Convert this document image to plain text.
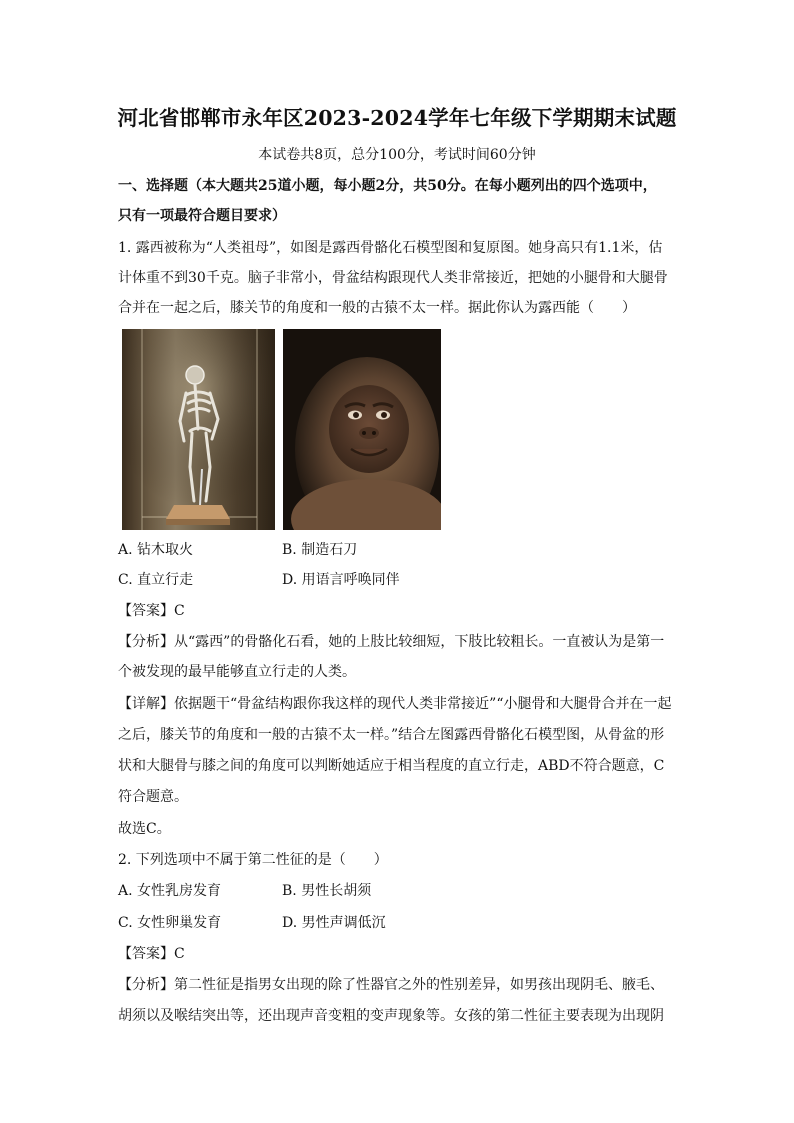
河北省邯郸市永年区2023-2024学年七年级下学期期末试题
本试卷共8页，总分100分，考试时间60分钟
一、选择题（本大题共25道小题，每小题2分，共50分。在每小题列出的四个选项中，
只有一项最符合题目要求）
1. 露西被称为“人类祖母”，如图是露西骨骼化石模型图和复原图。她身高只有1.1米，估
计体重不到30千克。脑子非常小，骨盆结构跟现代人类非常接近，把她的小腿骨和大腿骨
合并在一起之后，膝关节的角度和一般的古猿不太一样。据此你认为露西能（　　）
A. 钻木取火	B. 制造石刀
C. 直立行走	D. 用语言呼唤同伴
【答案】C
【分析】从“露西”的骨骼化石看，她的上肢比较细短，下肢比较粗长。一直被认为是第一
个被发现的最早能够直立行走的人类。
【详解】依据题干“骨盆结构跟你我这样的现代人类非常接近”“小腿骨和大腿骨合并在一起
之后，膝关节的角度和一般的古猿不太一样。”结合左图露西骨骼化石模型图，从骨盆的形
状和大腿骨与膝之间的角度可以判断她适应于相当程度的直立行走，ABD不符合题意，C
符合题意。
故选C。
2. 下列选项中不属于第二性征的是（　　）
A. 女性乳房发育	B. 男性长胡须
C. 女性卵巢发育	D. 男性声调低沉
【答案】C
【分析】第二性征是指男女出现的除了性器官之外的性别差异，如男孩出现阴毛、腋毛、
胡须以及喉结突出等，还出现声音变粗的变声现象等。女孩的第二性征主要表现为出现阴
